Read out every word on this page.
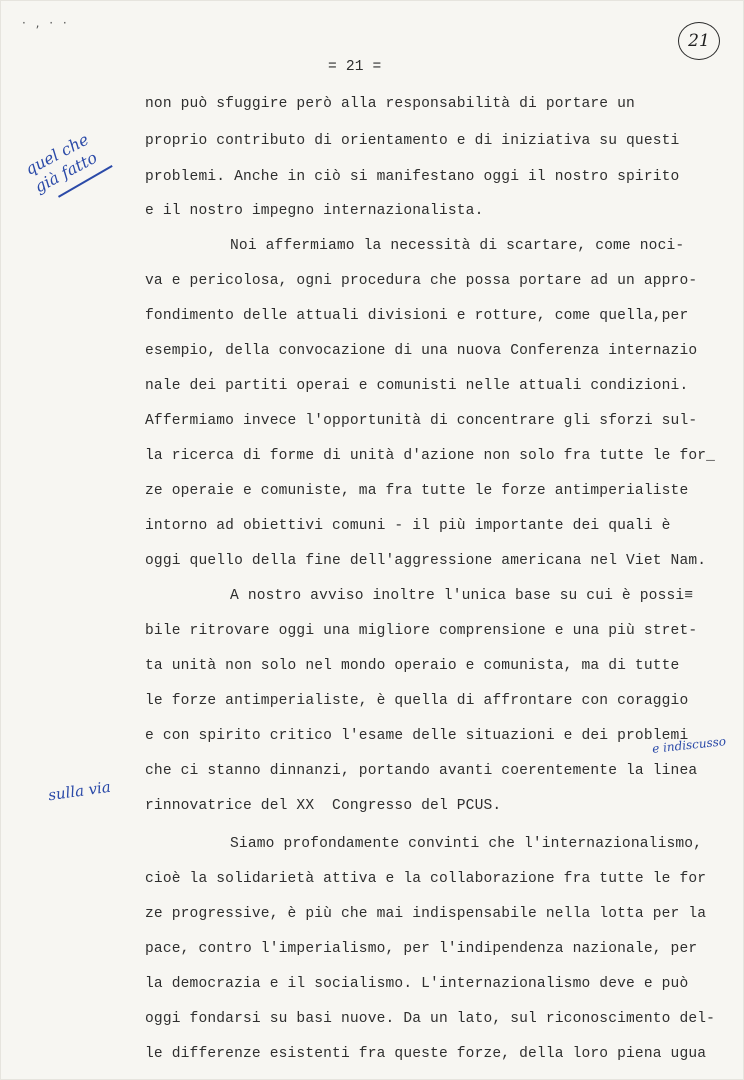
· , · ·
21
= 21 =
non può sfuggire però alla responsabilità di portare un
proprio contributo di orientamento e di iniziativa su questi
problemi. Anche in ciò si manifestano oggi il nostro spirito
e il nostro impegno internazionalista.
Noi affermiamo la necessità di scartare, come noci-
va e pericolosa, ogni procedura che possa portare ad un appro-
fondimento delle attuali divisioni e rotture, come quella,per
esempio, della convocazione di una nuova Conferenza internazio
nale dei partiti operai e comunisti nelle attuali condizioni.
Affermiamo invece l'opportunità di concentrare gli sforzi sul-
la ricerca di forme di unità d'azione non solo fra tutte le for_
ze operaie e comuniste, ma fra tutte le forze antimperialiste
intorno ad obiettivi comuni - il più importante dei quali è
oggi quello della fine dell'aggressione americana nel Viet Nam.
A nostro avviso inoltre l'unica base su cui è possi≡
bile ritrovare oggi una migliore comprensione e una più stret-
ta unità non solo nel mondo operaio e comunista, ma di tutte
le forze antimperialiste, è quella di affrontare con coraggio
e con spirito critico l'esame delle situazioni e dei problemi
che ci stanno dinnanzi, portando avanti coerentemente la linea
rinnovatrice del XX  Congresso del PCUS.
Siamo profondamente convinti che l'internazionalismo,
cioè la solidarietà attiva e la collaborazione fra tutte le for
ze progressive, è più che mai indispensabile nella lotta per la
pace, contro l'imperialismo, per l'indipendenza nazionale, per
la democrazia e il socialismo. L'internazionalismo deve e può
oggi fondarsi su basi nuove. Da un lato, sul riconoscimento del-
le differenze esistenti fra queste forze, della loro piena ugua
quel che
già fatto
e indiscusso
sulla via
